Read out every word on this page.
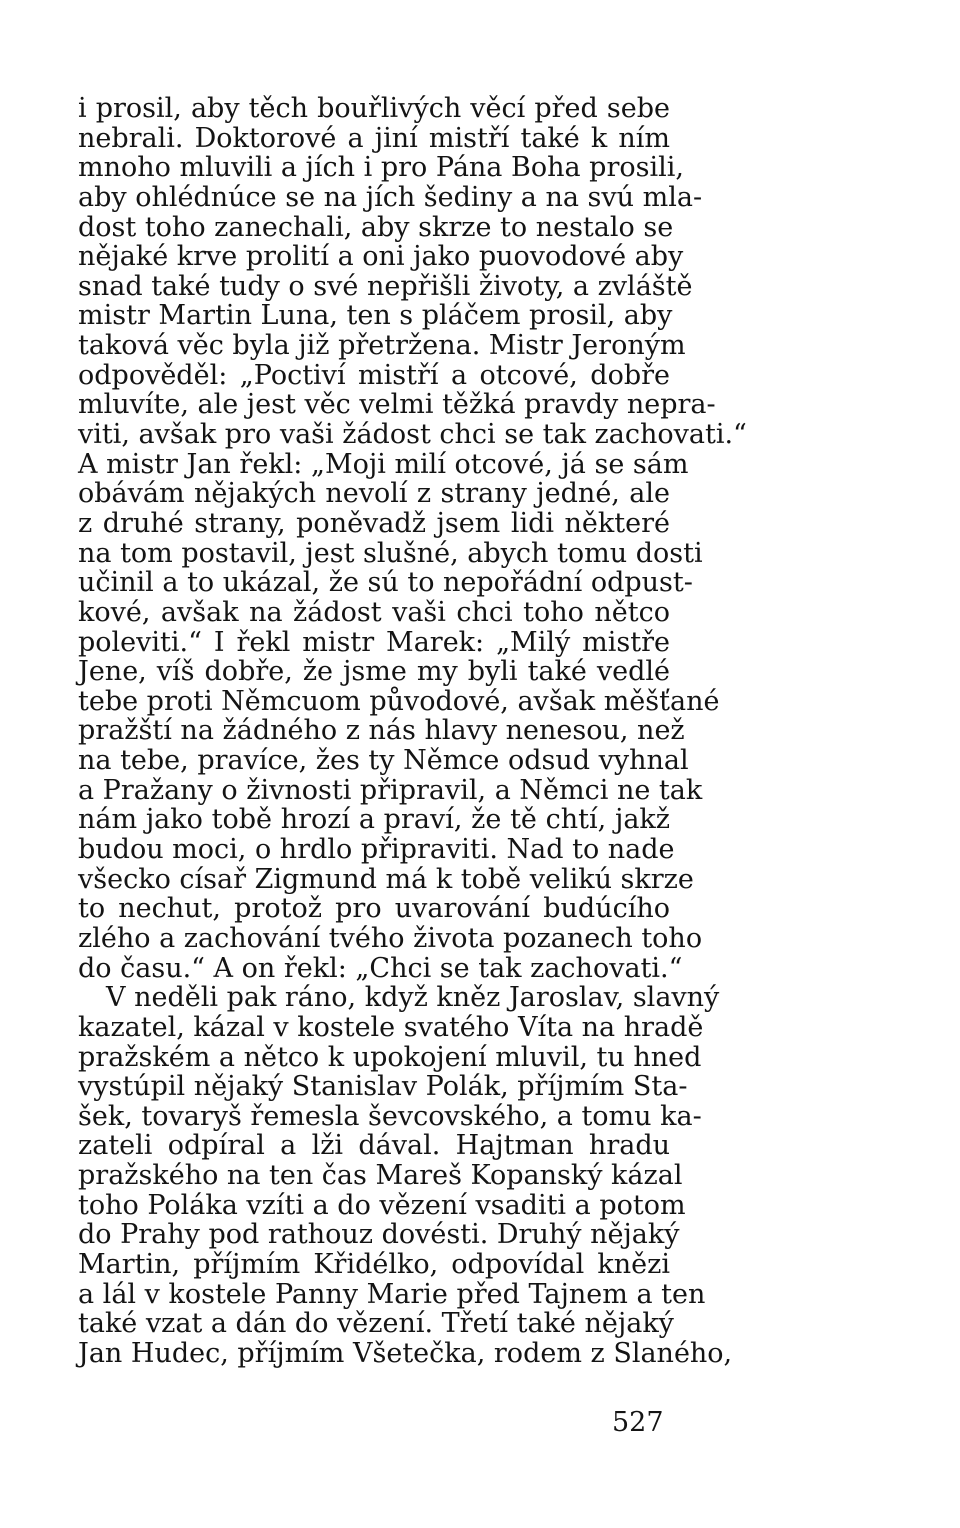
i prosil, aby těch bouřlivých věcí před sebe
nebrali. Doktorové a jiní mistří také k ním
mnoho mluvili a jích i pro Pána Boha prosili,
aby ohlédnúce se na jích šediny a na svú mla-
dost toho zanechali, aby skrze to nestalo se
nějaké krve prolití a oni jako puovodové aby
snad také tudy o své nepřišli životy, a zvláště
mistr Martin Luna, ten s pláčem prosil, aby
taková věc byla již přetržena. Mistr Jeroným
odpověděl: „Poctiví mistří a otcové, dobře
mluvíte, ale jest věc velmi těžká pravdy nepra-
viti, avšak pro vaši žádost chci se tak zachovati.“
A mistr Jan řekl: „Moji milí otcové, já se sám
obávám nějakých nevolí z strany jedné, ale
z druhé strany, poněvadž jsem lidi některé
na tom postavil, jest slušné, abych tomu dosti
učinil a to ukázal, že sú to nepořádní odpust-
kové, avšak na žádost vaši chci toho nětco
poleviti.“ I řekl mistr Marek: „Milý mistře
Jene, víš dobře, že jsme my byli také vedlé
tebe proti Němcuom původové, avšak měšťané
pražští na žádného z nás hlavy nenesou, než
na tebe, pravíce, žes ty Němce odsud vyhnal
a Pražany o živnosti připravil, a Němci ne tak
nám jako tobě hrozí a praví, že tě chtí, jakž
budou moci, o hrdlo připraviti. Nad to nade
všecko císař Zigmund má k tobě velikú skrze
to nechut, protož pro uvarování budúcího
zlého a zachování tvého života pozanech toho
do času.“ A on řekl: „Chci se tak zachovati.“
V neděli pak ráno, když kněz Jaroslav, slavný
kazatel, kázal v kostele svatého Víta na hradě
pražském a nětco k upokojení mluvil, tu hned
vystúpil nějaký Stanislav Polák, příjmím Sta-
šek, tovaryš řemesla ševcovského, a tomu ka-
zateli odpíral a lži dával. Hajtman hradu
pražského na ten čas Mareš Kopanský kázal
toho Poláka vzíti a do vězení vsaditi a potom
do Prahy pod rathouz dovésti. Druhý nějaký
Martin, příjmím Křidélko, odpovídal knězi
a lál v kostele Panny Marie před Tajnem a ten
také vzat a dán do vězení. Třetí také nějaký
Jan Hudec, příjmím Všetečka, rodem z Slaného,
527
